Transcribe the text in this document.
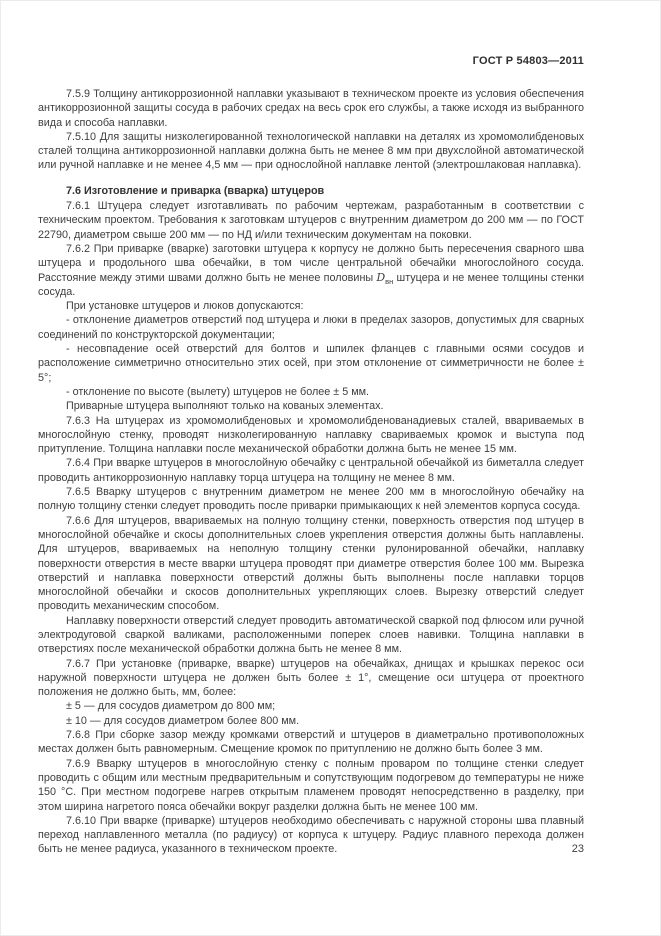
ГОСТ Р 54803—2011

7.5.9 Толщину антикоррозионной наплавки указывают в техническом проекте из условия обеспечения антикоррозионной защиты сосуда в рабочих средах на весь срок его службы, а также исходя из выбранного вида и способа наплавки.

7.5.10 Для защиты низколегированной технологической наплавки на деталях из хромомолибденовых сталей толщина антикоррозионной наплавки должна быть не менее 8 мм при двухслойной автоматической или ручной наплавке и не менее 4,5 мм — при однослойной наплавке лентой (электрошлаковая наплавка).

7.6 Изготовление и приварка (вварка) штуцеров

7.6.1 Штуцера следует изготавливать по рабочим чертежам, разработанным в соответствии с техническим проектом. Требования к заготовкам штуцеров с внутренним диаметром до 200 мм — по ГОСТ 22790, диаметром свыше 200 мм — по НД и/или техническим документам на поковки.

7.6.2 При приварке (вварке) заготовки штуцера к корпусу не должно быть пересечения сварного шва штуцера и продольного шва обечайки, в том числе центральной обечайки многослойного сосуда. Расстояние между этими швами должно быть не менее половины $D_{вн}$ штуцера и не менее толщины стенки сосуда.

При установке штуцеров и люков допускаются:

- отклонение диаметров отверстий под штуцера и люки в пределах зазоров, допустимых для сварных соединений по конструкторской документации;

- несовпадение осей отверстий для болтов и шпилек фланцев с главными осями сосудов и расположение симметрично относительно этих осей, при этом отклонение от симметричности не более ± 5°;

- отклонение по высоте (вылету) штуцеров не более ± 5 мм.

Приварные штуцера выполняют только на кованых элементах.

7.6.3 На штуцерах из хромомолибденовых и хромомолибденованадиевых сталей, ввариваемых в многослойную стенку, проводят низколегированную наплавку свариваемых кромок и выступа под притупление. Толщина наплавки после механической обработки должна быть не менее 15 мм.

7.6.4 При вварке штуцеров в многослойную обечайку с центральной обечайкой из биметалла следует проводить антикоррозионную наплавку торца штуцера на толщину не менее 8 мм.

7.6.5 Вварку штуцеров с внутренним диаметром не менее 200 мм в многослойную обечайку на полную толщину стенки следует проводить после приварки примыкающих к ней элементов корпуса сосуда.

7.6.6 Для штуцеров, ввариваемых на полную толщину стенки, поверхность отверстия под штуцер в многослойной обечайке и скосы дополнительных слоев укрепления отверстия должны быть наплавлены. Для штуцеров, ввариваемых на неполную толщину стенки рулонированной обечайки, наплавку поверхности отверстия в месте вварки штуцера проводят при диаметре отверстия более 100 мм. Вырезка отверстий и наплавка поверхности отверстий должны быть выполнены после наплавки торцов многослойной обечайки и скосов дополнительных укрепляющих слоев. Вырезку отверстий следует проводить механическим способом.

Наплавку поверхности отверстий следует проводить автоматической сваркой под флюсом или ручной электродуговой сваркой валиками, расположенными поперек слоев навивки. Толщина наплавки в отверстиях после механической обработки должна быть не менее 8 мм.

7.6.7 При установке (приварке, вварке) штуцеров на обечайках, днищах и крышках перекос оси наружной поверхности штуцера не должен быть более ± 1°, смещение оси штуцера от проектного положения не должно быть, мм, более:

± 5 — для сосудов диаметром до 800 мм;

± 10 — для сосудов диаметром более 800 мм.

7.6.8 При сборке зазор между кромками отверстий и штуцеров в диаметрально противоположных местах должен быть равномерным. Смещение кромок по притуплению не должно быть более 3 мм.

7.6.9 Вварку штуцеров в многослойную стенку с полным проваром по толщине стенки следует проводить с общим или местным предварительным и сопутствующим подогревом до температуры не ниже 150 °С. При местном подогреве нагрев открытым пламенем проводят непосредственно в разделку, при этом ширина нагретого пояса обечайки вокруг разделки должна быть не менее 100 мм.

7.6.10 При вварке (приварке) штуцеров необходимо обеспечивать с наружной стороны шва плавный переход наплавленного металла (по радиусу) от корпуса к штуцеру. Радиус плавного перехода должен быть не менее радиуса, указанного в техническом проекте.	23
